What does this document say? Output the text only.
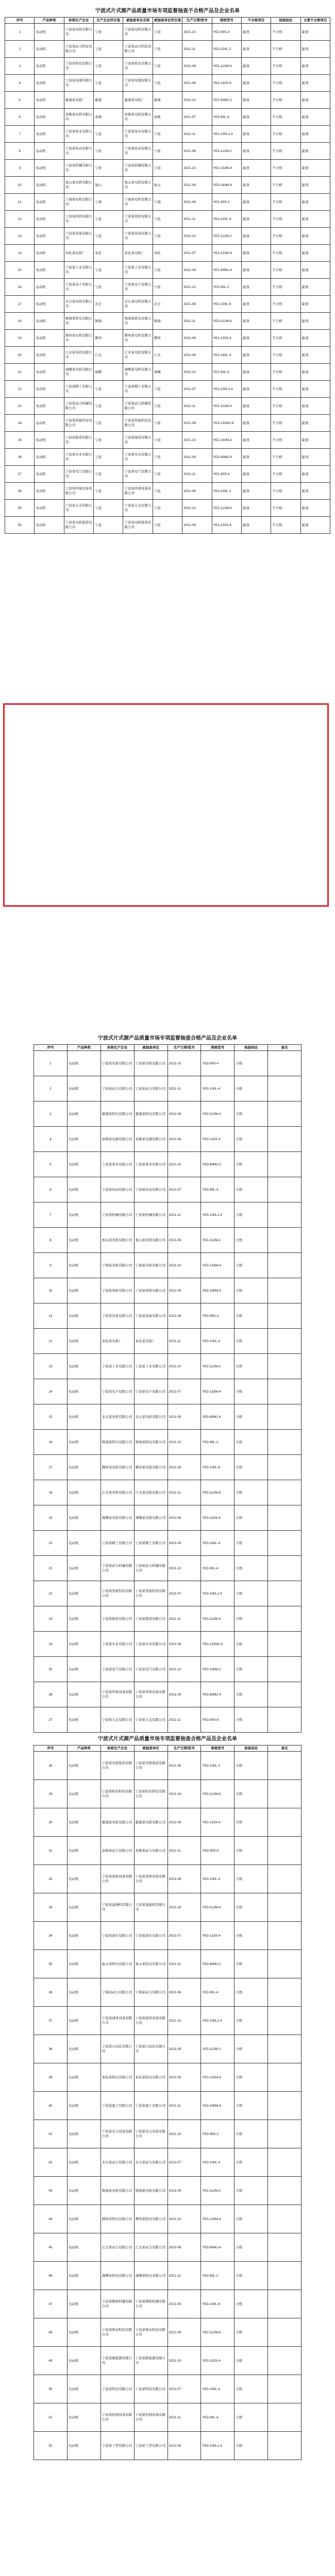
宁波式片式源产品质量市场专项监督抽查不合格产品及企业名单
序号	产品种类	标称生产企业	生产企业所在地	被抽查单位名称	被抽查单位所在地	生产日期/批号	规格型号	不合格项目	检验结论	主要不合格项目
1	电动机	宁波某电机有限公司	宁波	宁波某电机有限公司	宁波	2021-10	YE2-90S-4	能效	不合格	能效
2	电动机	宁波某动力科技有限公司	宁波	宁波某动力科技有限公司	宁波	2021-11	YE3-100L-2	能效	不合格	能效
3	电动机	宁波某机电有限公司	宁波	宁波某机电有限公司	宁波	2021-09	YE2-112M-4	能效	不合格	能效
4	电动机	宁波某电器有限公司	宁波	宁波某电器有限公司	宁波	2021-08	YE3-132S-6	能效	不合格	能效
5	电动机	慈溪某电机厂	慈溪	慈溪某电机厂	慈溪	2021-10	YE2-80M2-2	能效	不合格	能效
6	电动机	余姚某电机有限公司	余姚	余姚某电机有限公司	余姚	2021-07	YE3-90L-4	能效	不合格	能效
7	电动机	宁波某泵业有限公司	宁波	宁波某泵业有限公司	宁波	2021-11	YE2-100L1-4	能效	不合格	能效
8	电动机	宁波某传动有限公司	宁波	宁波某传动有限公司	宁波	2021-06	YE3-112M-2	能效	不合格	能效
9	电动机	宁波某机械有限公司	宁波	宁波某机械有限公司	宁波	2021-10	YE2-132M-4	能效	不合格	能效
10	电动机	象山某电机有限公司	象山	象山某电机有限公司	象山	2021-09	YE3-160M-4	能效	不合格	能效
11	电动机	宁海某电机有限公司	宁海	宁海某电机有限公司	宁海	2021-08	YE2-90S-2	能效	不合格	能效
12	电动机	宁波某风机有限公司	宁波	宁波某风机有限公司	宁波	2021-11	YE3-100L-4	能效	不合格	能效
13	电动机	宁波某设备有限公司	宁波	宁波某设备有限公司	宁波	2021-10	YE2-112M-2	能效	不合格	能效
14	电动机	奉化某电机厂	奉化	奉化某电机厂	奉化	2021-07	YE3-132M-4	能效	不合格	能效
15	电动机	宁波某工业有限公司	宁波	宁波某工业有限公司	宁波	2021-09	YE2-80M1-4	能效	不合格	能效
16	电动机	宁波某电子有限公司	宁波	宁波某电子有限公司	宁波	2021-10	YE3-90L-2	能效	不合格	能效
17	电动机	北仑某电机有限公司	北仑	北仑某电机有限公司	北仑	2021-08	YE2-100L-6	能效	不合格	能效
18	电动机	镇海某机电有限公司	镇海	镇海某机电有限公司	镇海	2021-11	YE3-112M-6	能效	不合格	能效
19	电动机	鄞州某电机有限公司	鄞州	鄞州某电机有限公司	鄞州	2021-06	YE2-132S-4	能效	不合格	能效
20	电动机	江北某电机有限公司	江北	江北某电机有限公司	江北	2021-09	YE3-160L-4	能效	不合格	能效
21	电动机	海曙某电机有限公司	海曙	海曙某电机有限公司	海曙	2021-10	YE2-90L-4	能效	不合格	能效
22	电动机	宁波某精工有限公司	宁波	宁波某精工有限公司	宁波	2021-07	YE3-100L1-4	能效	不合格	能效
23	电动机	宁波某动力机械有限公司	宁波	宁波某动力机械有限公司	宁波	2021-11	YE2-112M-4	能效	不合格	能效
24	电动机	宁波某智能科技有限公司	宁波	宁波某智能科技有限公司	宁波	2021-08	YE3-132M1-6	能效	不合格	能效
25	电动机	宁波某制造有限公司	宁波	宁波某制造有限公司	宁波	2021-10	YE2-160M-2	能效	不合格	能效
26	电动机	宁波某实业有限公司	宁波	宁波某实业有限公司	宁波	2021-09	YE3-80M2-4	能效	不合格	能效
27	电动机	宁波某电气有限公司	宁波	宁波某电气有限公司	宁波	2021-11	YE2-90S-6	能效	不合格	能效
28	电动机	宁波某环保设备有限公司	宁波	宁波某环保设备有限公司	宁波	2021-06	YE3-100L-2	能效	不合格	能效
29	电动机	宁波某五金有限公司	宁波	宁波某五金有限公司	宁波	2021-10	YE2-112M-6	能效	不合格	能效
30	电动机	宁波某电机制造有限公司	宁波	宁波某电机制造有限公司	宁波	2021-09	YE3-132S-4	能效	不合格	能效
宁波式片式源产品质量市场专项监督抽查合格产品及企业名单
序号	产品种类	标称生产企业	被抽查单位	生产日期/批号	规格型号	检验结论	备注
1	电动机	宁波某电机有限公司	宁波某电机有限公司	2021-10	YE3-90S-4	合格	
2	电动机	宁波某动力有限公司	宁波某动力有限公司	2021-11	YE3-100L-4	合格	
3	电动机	慈溪某机电有限公司	慈溪某机电有限公司	2021-09	YE3-112M-4	合格	
4	电动机	余姚某电器有限公司	余姚某电器有限公司	2021-08	YE3-132S-4	合格	
5	电动机	宁波某泵业有限公司	宁波某泵业有限公司	2021-10	YE3-80M2-2	合格	
6	电动机	宁波某传动有限公司	宁波某传动有限公司	2021-07	YE3-90L-4	合格	
7	电动机	宁波某机械有限公司	宁波某机械有限公司	2021-11	YE3-100L1-4	合格	
8	电动机	象山某电机有限公司	象山某电机有限公司	2021-06	YE3-112M-2	合格	
9	电动机	宁海某电机有限公司	宁海某电机有限公司	2021-10	YE3-132M-4	合格	
10	电动机	宁波某风机有限公司	宁波某风机有限公司	2021-09	YE3-160M-4	合格	
11	电动机	宁波某设备有限公司	宁波某设备有限公司	2021-08	YE3-90S-2	合格	
12	电动机	奉化某电机厂	奉化某电机厂	2021-11	YE3-100L-4	合格	
13	电动机	宁波某工业有限公司	宁波某工业有限公司	2021-10	YE3-112M-2	合格	
14	电动机	宁波某电子有限公司	宁波某电子有限公司	2021-07	YE3-132M-4	合格	
15	电动机	北仑某电机有限公司	北仑某电机有限公司	2021-09	YE3-80M1-4	合格	
16	电动机	镇海某机电有限公司	镇海某机电有限公司	2021-10	YE3-90L-2	合格	
17	电动机	鄞州某电机有限公司	鄞州某电机有限公司	2021-08	YE3-100L-6	合格	
18	电动机	江北某电机有限公司	江北某电机有限公司	2021-11	YE3-112M-6	合格	
19	电动机	海曙某电机有限公司	海曙某电机有限公司	2021-06	YE3-132S-4	合格	
20	电动机	宁波某精工有限公司	宁波某精工有限公司	2021-09	YE3-160L-4	合格	
21	电动机	宁波某动力机械有限公司	宁波某动力机械有限公司	2021-10	YE3-90L-4	合格	
22	电动机	宁波某智能科技有限公司	宁波某智能科技有限公司	2021-07	YE3-100L1-4	合格	
23	电动机	宁波某制造有限公司	宁波某制造有限公司	2021-11	YE3-112M-4	合格	
24	电动机	宁波某实业有限公司	宁波某实业有限公司	2021-08	YE3-132M1-6	合格	
25	电动机	宁波某电气有限公司	宁波某电气有限公司	2021-10	YE3-160M-2	合格	
26	电动机	宁波某环保设备有限公司	宁波某环保设备有限公司	2021-09	YE3-80M2-4	合格	
27	电动机	宁波某五金有限公司	宁波某五金有限公司	2021-11	YE3-90S-6	合格	
宁波式片式源产品质量市场专项监督抽查合格产品及企业名单
序号	产品种类	标称生产企业	被抽查单位	生产日期/批号	规格型号	检验结论	备注
28	电动机	宁波某电机制造有限公司	宁波某电机制造有限公司	2021-06	YE3-100L-2	合格	
29	电动机	宁波某机电科技有限公司	宁波某机电科技有限公司	2021-10	YE3-112M-6	合格	
30	电动机	慈溪某电机有限公司	慈溪某电机有限公司	2021-09	YE3-132S-4	合格	
31	电动机	余姚某动力有限公司	余姚某动力有限公司	2021-11	YE3-90S-4	合格	
32	电动机	宁波某流体设备有限公司	宁波某流体设备有限公司	2021-08	YE3-100L-4	合格	
33	电动机	宁波某减速机有限公司	宁波某减速机有限公司	2021-10	YE3-112M-4	合格	
34	电动机	宁波某液压有限公司	宁波某液压有限公司	2021-07	YE3-132S-4	合格	
35	电动机	象山某机电有限公司	象山某机电有限公司	2021-11	YE3-80M2-2	合格	
36	电动机	宁海某动力有限公司	宁海某动力有限公司	2021-06	YE3-90L-4	合格	
37	电动机	宁波某通风设备有限公司	宁波某通风设备有限公司	2021-10	YE3-100L1-4	合格	
38	电动机	宁波某自动化有限公司	宁波某自动化有限公司	2021-09	YE3-112M-2	合格	
39	电动机	奉化某机电有限公司	奉化某机电有限公司	2021-08	YE3-132M-4	合格	
40	电动机	宁波某重工有限公司	宁波某重工有限公司	2021-11	YE3-160M-4	合格	
41	电动机	宁波某电力设备有限公司	宁波某电力设备有限公司	2021-10	YE3-90S-2	合格	
42	电动机	北仑某动力有限公司	北仑某动力有限公司	2021-07	YE3-100L-4	合格	
43	电动机	镇海某电机有限公司	镇海某电机有限公司	2021-09	YE3-112M-2	合格	
44	电动机	鄞州某机电有限公司	鄞州某机电有限公司	2021-10	YE3-132M-4	合格	
45	电动机	江北某动力有限公司	江北某动力有限公司	2021-08	YE3-80M1-4	合格	
46	电动机	海曙某机电有限公司	海曙某机电有限公司	2021-11	YE3-90L-2	合格	
47	电动机	宁波某精密机械有限公司	宁波某精密机械有限公司	2021-06	YE3-100L-6	合格	
48	电动机	宁波某驱动科技有限公司	宁波某驱动科技有限公司	2021-09	YE3-112M-6	合格	
49	电动机	宁波某新能源有限公司	宁波某新能源有限公司	2021-10	YE3-132S-4	合格	
50	电动机	宁波某科技有限公司	宁波某科技有限公司	2021-07	YE3-160L-4	合格	
51	电动机	宁波某控制设备有限公司	宁波某控制设备有限公司	2021-11	YE3-90L-4	合格	
52	电动机	宁波某工贸有限公司	宁波某工贸有限公司	2021-08	YE3-100L1-4	合格	
